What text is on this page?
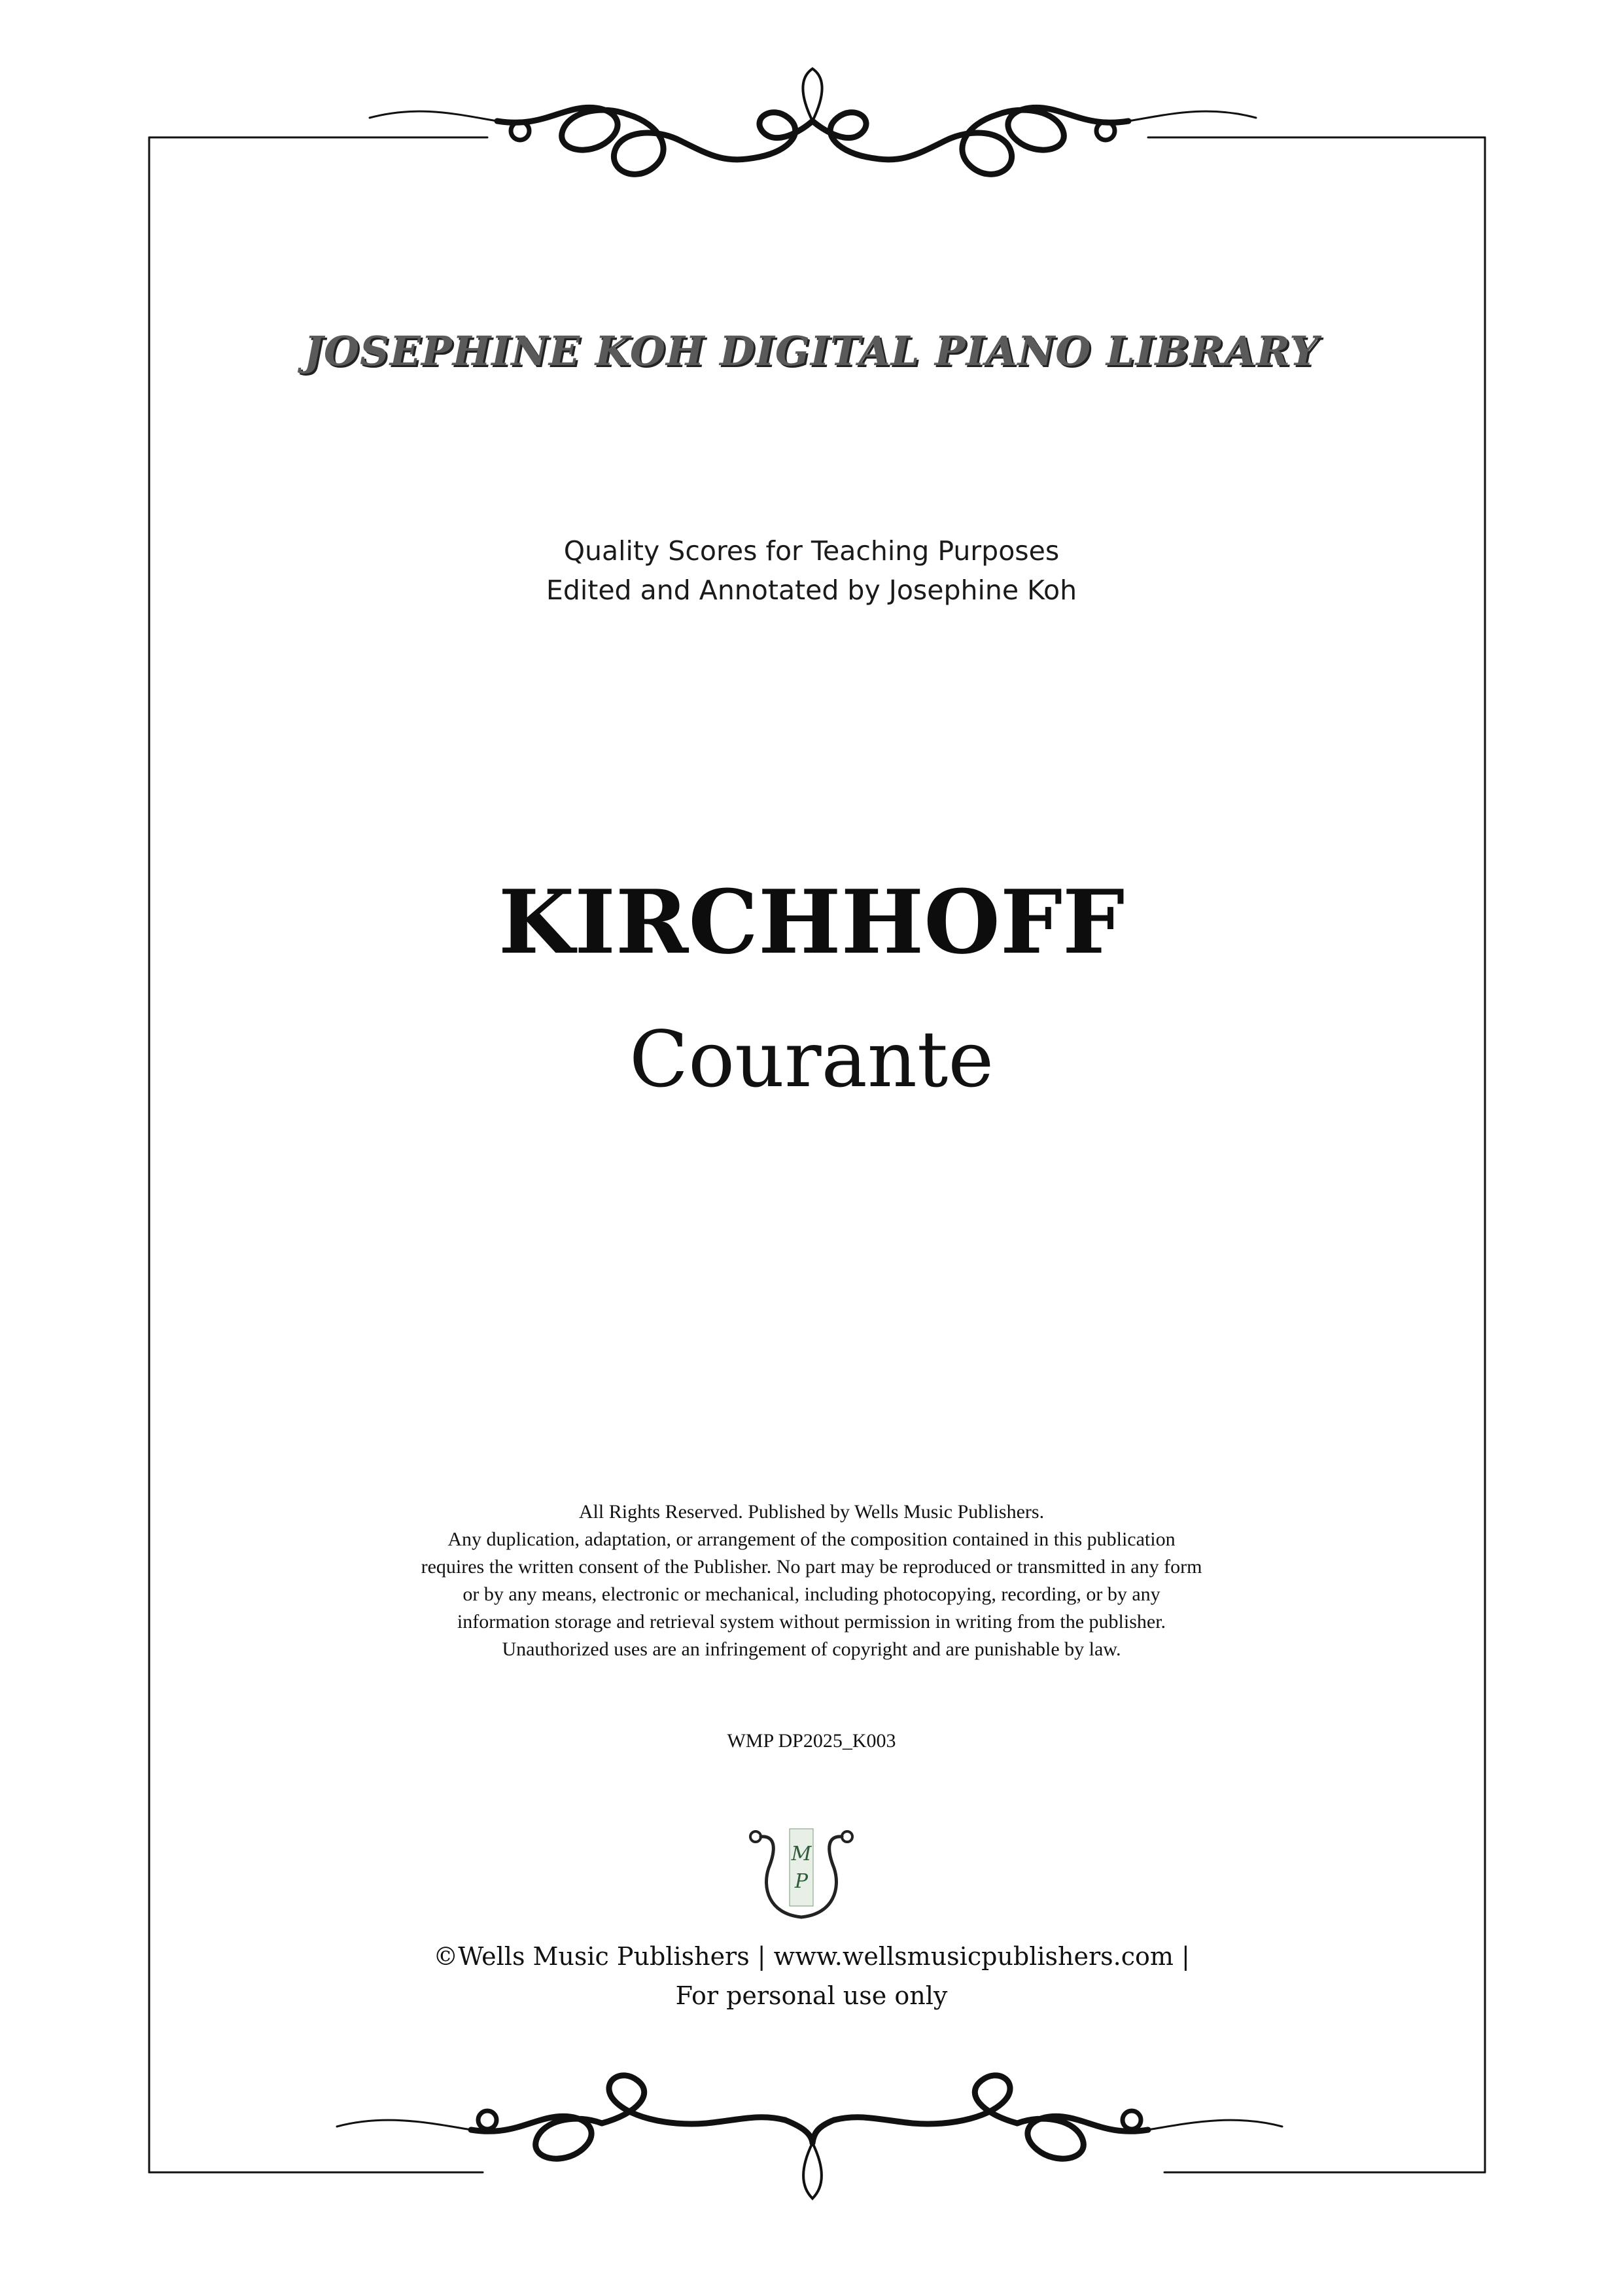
JOSEPHINE KOH DIGITAL PIANO LIBRARY
Quality Scores for Teaching Purposes
Edited and Annotated by Josephine Koh
KIRCHHOFF
Courante
All Rights Reserved. Published by Wells Music Publishers.
Any duplication, adaptation, or arrangement of the composition contained in this publication
requires the written consent of the Publisher. No part may be reproduced or transmitted in any form
or by any means, electronic or mechanical, including photocopying, recording, or by any
information storage and retrieval system without permission in writing from the publisher.
Unauthorized uses are an infringement of copyright and are punishable by law.
WMP DP2025_K003
M
P
©Wells Music Publishers | www.wellsmusicpublishers.com |
For personal use only
